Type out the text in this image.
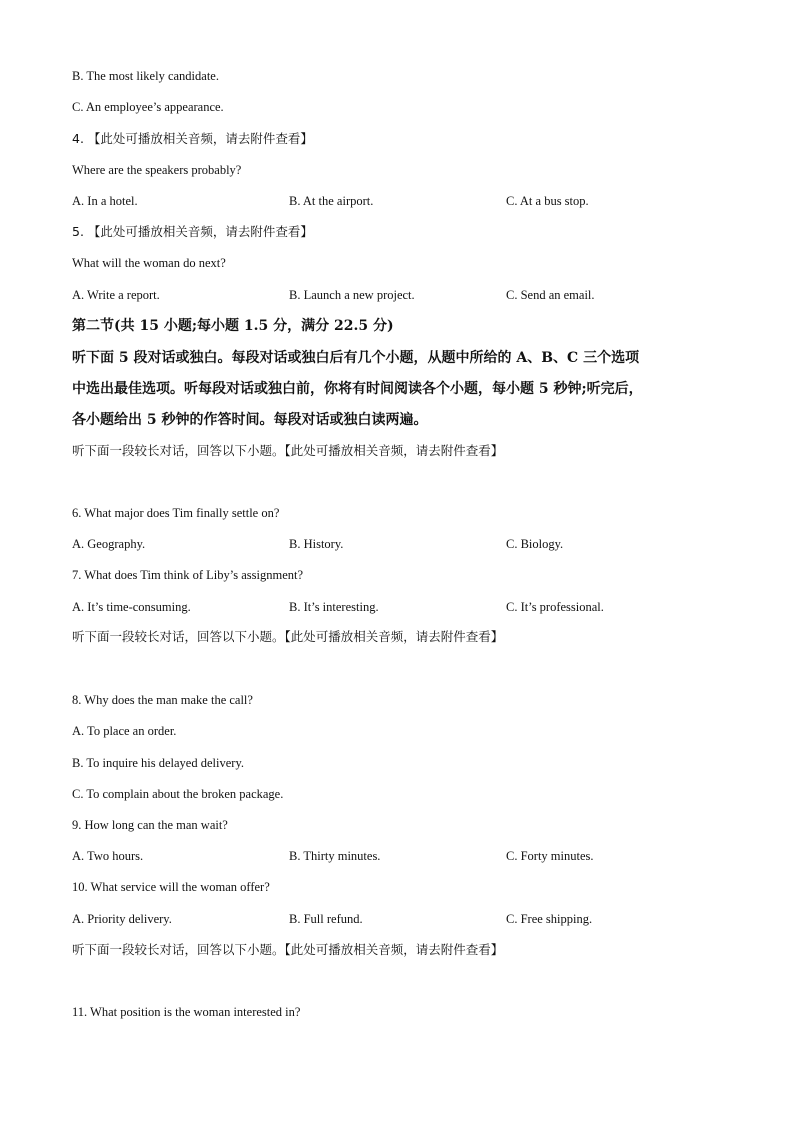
B. The most likely candidate.
C. An employee’s appearance.
4. 【此处可播放相关音频，请去附件查看】
Where are the speakers probably?
A. In a hotel.	B. At the airport.	C. At a bus stop.
5. 【此处可播放相关音频，请去附件查看】
What will the woman do next?
A. Write a report.	B. Launch a new project.	C. Send an email.
第二节(共 15 小题;每小题 1.5 分，满分 22.5 分)
听下面 5 段对话或独白。每段对话或独白后有几个小题，从题中所给的 A、B、C 三个选项
中选出最佳选项。听每段对话或独白前，你将有时间阅读各个小题，每小题 5 秒钟;听完后，
各小题给出 5 秒钟的作答时间。每段对话或独白读两遍。
听下面一段较长对话，回答以下小题。【此处可播放相关音频，请去附件查看】
6. What major does Tim finally settle on?
A. Geography.	B. History.	C. Biology.
7. What does Tim think of Liby’s assignment?
A. It’s time-consuming.	B. It’s interesting.	C. It’s professional.
听下面一段较长对话，回答以下小题。【此处可播放相关音频，请去附件查看】
8. Why does the man make the call?
A. To place an order.
B. To inquire his delayed delivery.
C. To complain about the broken package.
9. How long can the man wait?
A. Two hours.	B. Thirty minutes.	C. Forty minutes.
10. What service will the woman offer?
A. Priority delivery.	B. Full refund.	C. Free shipping.
听下面一段较长对话，回答以下小题。【此处可播放相关音频，请去附件查看】
11. What position is the woman interested in?
